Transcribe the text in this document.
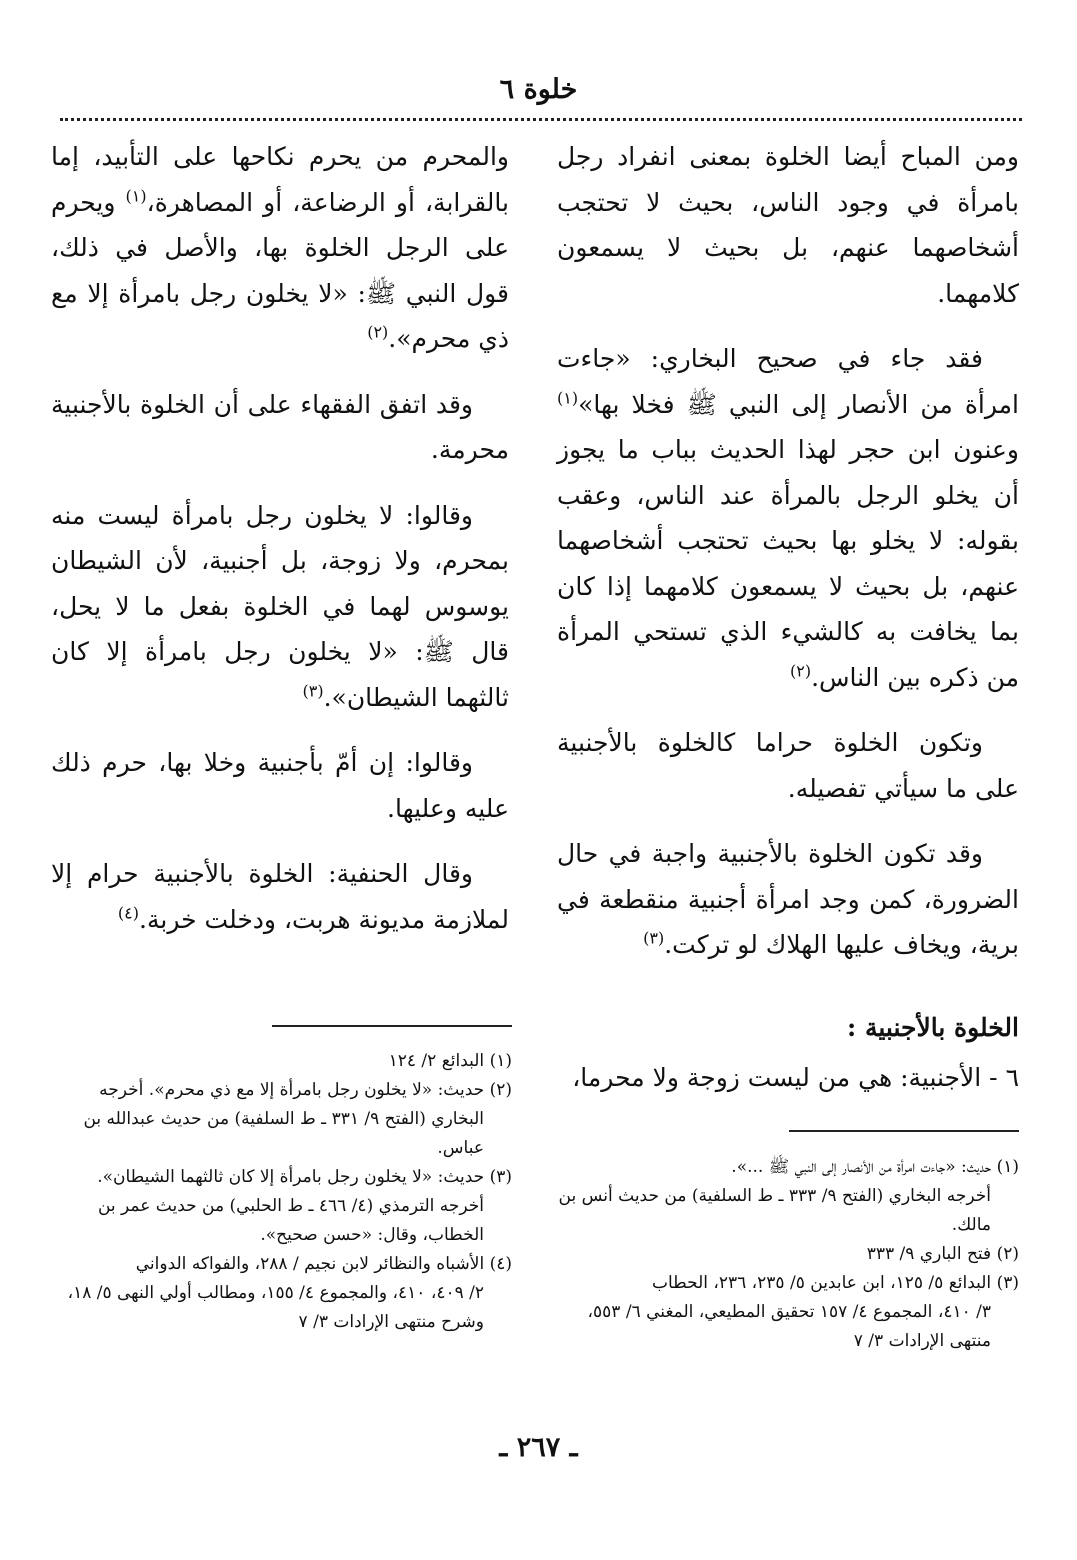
خلوة ٦

ومن المباح أيضا الخلوة بمعنى انفراد رجل بامرأة في وجود الناس، بحيث لا تحتجب أشخاصهما عنهم، بل بحيث لا يسمعون كلامهما.

فقد جاء في صحيح البخاري: «جاءت امرأة من الأنصار إلى النبي ﷺ فخلا بها»$^{(١)}$ وعنون ابن حجر لهذا الحديث بباب ما يجوز أن يخلو الرجل بالمرأة عند الناس، وعقب بقوله: لا يخلو بها بحيث تحتجب أشخاصهما عنهم، بل بحيث لا يسمعون كلامهما إذا كان بما يخافت به كالشيء الذي تستحي المرأة من ذكره بين الناس.$^{(٢)}$

وتكون الخلوة حراما كالخلوة بالأجنبية على ما سيأتي تفصيله.

وقد تكون الخلوة بالأجنبية واجبة في حال الضرورة، كمن وجد امرأة أجنبية منقطعة في برية، ويخاف عليها الهلاك لو تركت.$^{(٣)}$

الخلوة بالأجنبية :
٦ - الأجنبية: هي من ليست زوجة ولا محرما،

والمحرم من يحرم نكاحها على التأبيد، إما بالقرابة، أو الرضاعة، أو المصاهرة،$^{(١)}$ ويحرم على الرجل الخلوة بها، والأصل في ذلك، قول النبي ﷺ: «لا يخلون رجل بامرأة إلا مع ذي محرم».$^{(٢)}$

وقد اتفق الفقهاء على أن الخلوة بالأجنبية محرمة.

وقالوا: لا يخلون رجل بامرأة ليست منه بمحرم، ولا زوجة، بل أجنبية، لأن الشيطان يوسوس لهما في الخلوة بفعل ما لا يحل، قال ﷺ: «لا يخلون رجل بامرأة إلا كان ثالثهما الشيطان».$^{(٣)}$

وقالوا: إن أمّ بأجنبية وخلا بها، حرم ذلك عليه وعليها.

وقال الحنفية: الخلوة بالأجنبية حرام إلا لملازمة مديونة هربت، ودخلت خربة.$^{(٤)}$

(١) حديث: «جاءت امرأة من الأنصار إلى النبي ﷺ ...».
أخرجه البخاري (الفتح ٩/ ٣٣٣ ـ ط السلفية) من حديث أنس بن مالك.

(٢) فتح الباري ٩/ ٣٣٣

(٣) البدائع ٥/ ١٢٥، ابن عابدين ٥/ ٢٣٥، ٢٣٦، الحطاب
٣/ ٤١٠، المجموع ٤/ ١٥٧ تحقيق المطيعي، المغني ٦/ ٥٥٣، منتهى الإرادات ٣/ ٧

(١) البدائع ٢/ ١٢٤

(٢) حديث: «لا يخلون رجل بامرأة إلا مع ذي محرم». أخرجه
البخاري (الفتح ٩/ ٣٣١ ـ ط السلفية) من حديث عبدالله بن عباس.

(٣) حديث: «لا يخلون رجل بامرأة إلا كان ثالثهما الشيطان».
أخرجه الترمذي (٤/ ٤٦٦ ـ ط الحلبي) من حديث عمر بن الخطاب، وقال: «حسن صحيح».

(٤) الأشباه والنظائر لابن نجيم / ٢٨٨، والفواكه الدواني
٢/ ٤٠٩، ٤١٠، والمجموع ٤/ ١٥٥، ومطالب أولي النهى ٥/ ١٨، وشرح منتهى الإرادات ٣/ ٧

ـ ٢٦٧ ـ
